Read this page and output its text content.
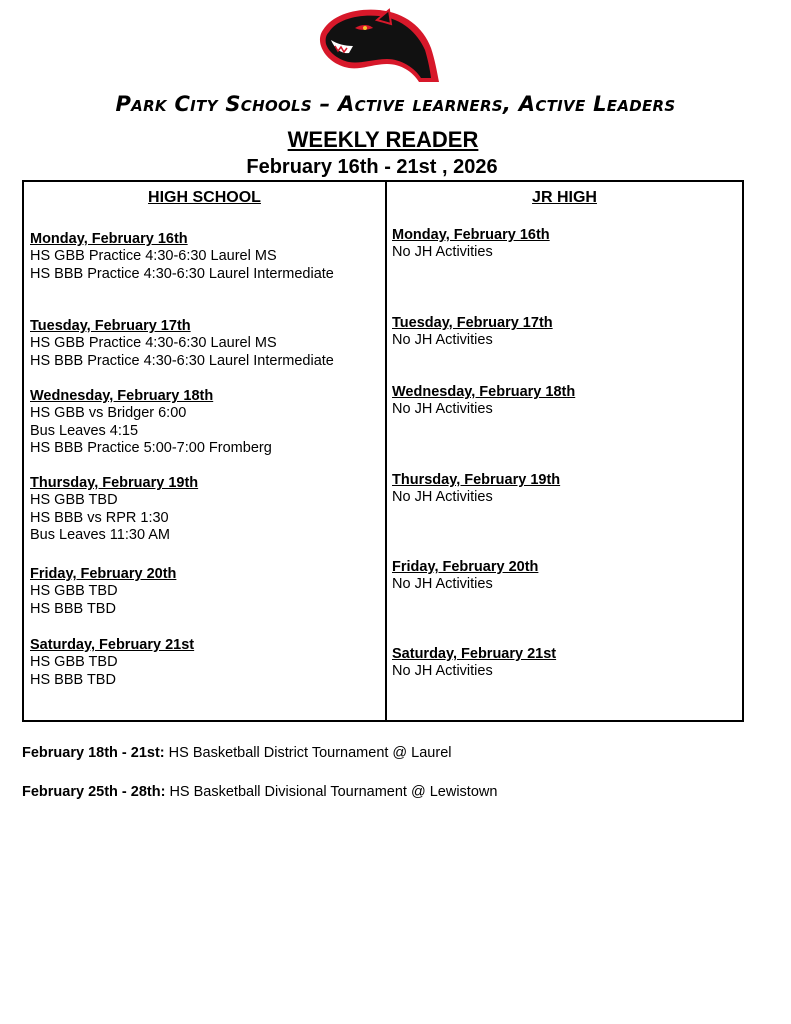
Park City Schools – Active learners, Active Leaders
WEEKLY READER
February 16th - 21st , 2026
HIGH SCHOOL	JR HIGH
Monday, February 16th
HS GBB Practice 4:30-6:30 Laurel MS
HS BBB Practice 4:30-6:30 Laurel Intermediate
Tuesday, February 17th
HS GBB Practice 4:30-6:30 Laurel MS
HS BBB Practice 4:30-6:30 Laurel Intermediate
Wednesday, February 18th
HS GBB vs Bridger 6:00
Bus Leaves 4:15
HS BBB Practice 5:00-7:00 Fromberg
Thursday, February 19th
HS GBB TBD
HS BBB vs RPR 1:30
Bus Leaves 11:30 AM
Friday, February 20th
HS GBB TBD
HS BBB TBD
Saturday, February 21st
HS GBB TBD
HS BBB TBD
Monday, February 16th
No JH Activities
Tuesday, February 17th
No JH Activities
Wednesday, February 18th
No JH Activities
Thursday, February 19th
No JH Activities
Friday, February 20th
No JH Activities
Saturday, February 21st
No JH Activities
February 18th - 21st: HS Basketball District Tournament @ Laurel
February 25th - 28th: HS Basketball Divisional Tournament @ Lewistown
